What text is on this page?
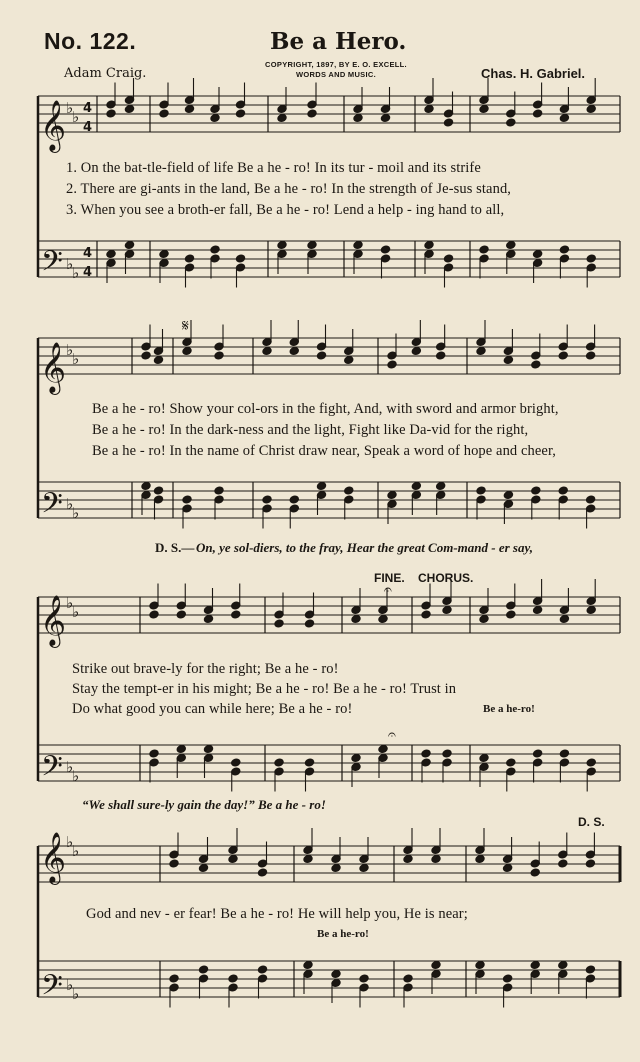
No. 122.	Be a Hero.
Adam Craig.
COPYRIGHT, 1897, BY E. O. EXCELL.
WORDS AND MUSIC.	Chas. H. Gabriel.
𝄞
𝄢
𝄞
𝄢
𝄞
𝄢
𝄞
𝄢
4
4
4
4
♭
♭
♭
♭
♭
♭
♭
♭
♭
♭
♭
♭
♭
♭
♭
♭
𝄋
𝄐
𝄐
1. On the bat-tle-field of life Be a he - ro! In its tur - moil and its strife
2. There are gi-ants in the land, Be a he - ro! In the strength of Je-sus stand,
3. When you see a broth-er fall, Be a he - ro! Lend a help - ing hand to all,
Be a he - ro! Show your col-ors in the fight, And, with sword and armor bright,
Be a he - ro! In the dark-ness and the light, Fight like Da-vid for the right,
Be a he - ro! In the name of Christ draw near, Speak a word of hope and cheer,
D. S.— On, ye sol-diers, to the fray, Hear the great Com-mand - er say,
FINE. CHORUS.
Strike out brave-ly for the right; Be a he - ro!
Stay the tempt-er in his might; Be a he - ro! Be a he - ro! Trust in
Do what good you can while here; Be a he - ro!	Be a he-ro!
“We shall sure-ly gain the day!” Be a he - ro!
D. S.
God and nev - er fear! Be a he - ro! He will help you, He is near;
Be a he-ro!
